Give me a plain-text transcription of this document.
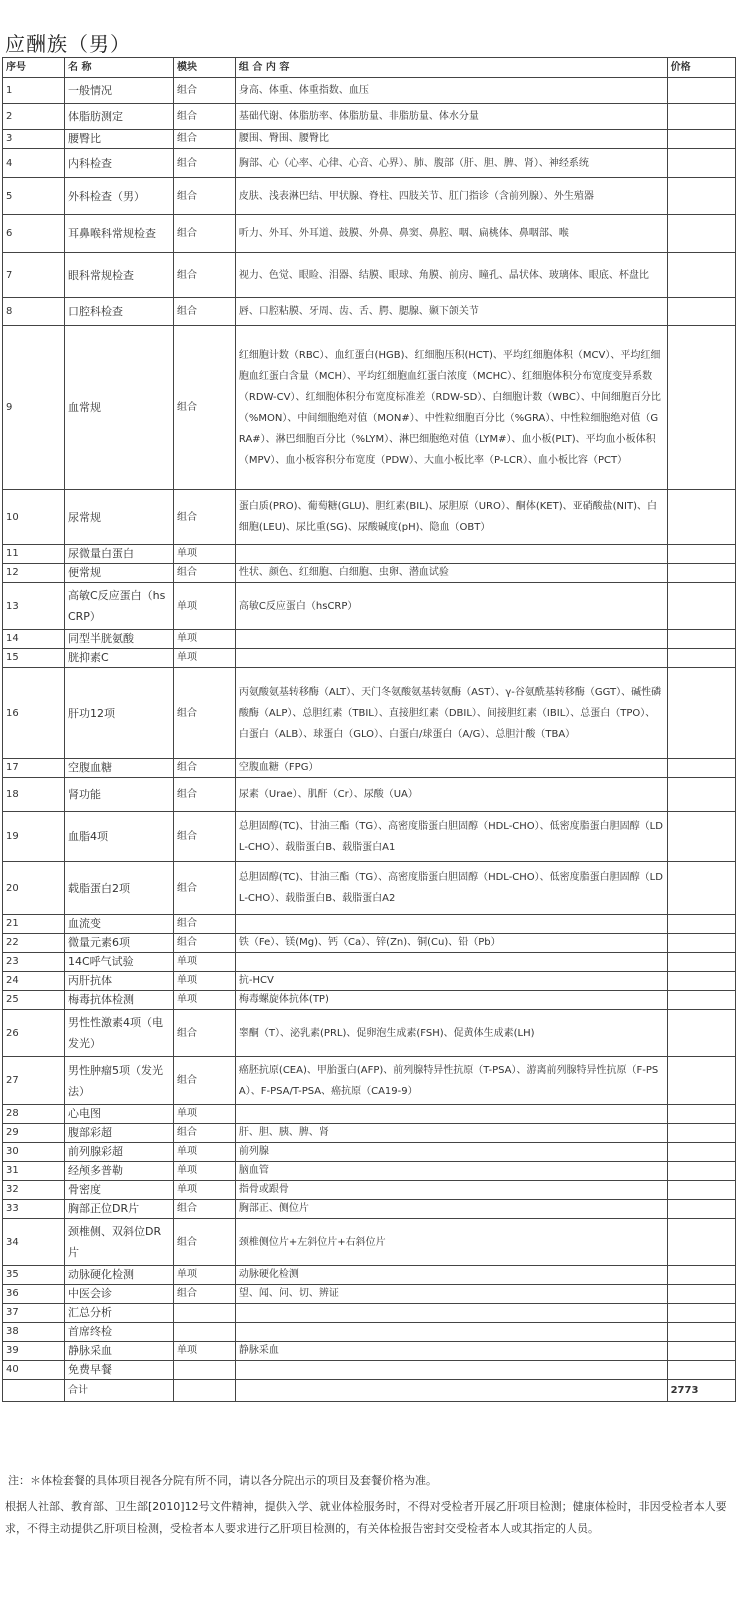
应酬族（男）
序号	名 称	模块	组 合 内 容	价格
1	一般情况	组合	身高、体重、体重指数、血压	
2	体脂肪测定	组合	基础代谢、体脂肪率、体脂肪量、非脂肪量、体水分量	
3	腰臀比	组合	腰围、臀围、腰臀比	
4	内科检查	组合	胸部、心（心率、心律、心音、心界）、肺、腹部（肝、胆、脾、肾）、神经系统	
5	外科检查（男）	组合	皮肤、浅表淋巴结、甲状腺、脊柱、四肢关节、肛门指诊（含前列腺）、外生殖器	
6	耳鼻喉科常规检查	组合	听力、外耳、外耳道、鼓膜、外鼻、鼻窦、鼻腔、咽、扁桃体、鼻咽部、喉	
7	眼科常规检查	组合	视力、色觉、眼睑、泪器、结膜、眼球、角膜、前房、瞳孔、晶状体、玻璃体、眼底、杯盘比	
8	口腔科检查	组合	唇、口腔粘膜、牙周、齿、舌、腭、腮腺、颞下颌关节	
9	血常规	组合	红细胞计数（RBC）、血红蛋白(HGB)、红细胞压积(HCT)、平均红细胞体积（MCV）、平均红细胞血红蛋白含量（MCH）、平均红细胞血红蛋白浓度（MCHC）、红细胞体积分布宽度变异系数（RDW-CV）、红细胞体积分布宽度标准差（RDW-SD）、白细胞计数（WBC）、中间细胞百分比（%MON）、中间细胞绝对值（MON#）、中性粒细胞百分比（%GRA）、中性粒细胞绝对值（GRA#）、淋巴细胞百分比（%LYM）、淋巴细胞绝对值（LYM#）、血小板(PLT)、平均血小板体积（MPV）、血小板容积分布宽度（PDW）、大血小板比率（P-LCR）、血小板比容（PCT）	
10	尿常规	组合	蛋白质(PRO)、葡萄糖(GLU)、胆红素(BIL)、尿胆原（URO）、酮体(KET)、亚硝酸盐(NIT)、白细胞(LEU)、尿比重(SG)、尿酸碱度(pH)、隐血（OBT）	
11	尿微量白蛋白	单项		
12	便常规	组合	性状、颜色、红细胞、白细胞、虫卵、潜血试验	
13	高敏C反应蛋白（hsCRP）	单项	高敏C反应蛋白（hsCRP）	
14	同型半胱氨酸	单项		
15	胱抑素C	单项		
16	肝功12项	组合	丙氨酸氨基转移酶（ALT）、天门冬氨酸氨基转氨酶（AST）、γ-谷氨酰基转移酶（GGT）、碱性磷酸酶（ALP）、总胆红素（TBIL）、直接胆红素（DBIL）、间接胆红素（IBIL）、总蛋白（TPO）、白蛋白（ALB）、球蛋白（GLO）、白蛋白/球蛋白（A/G）、总胆汁酸（TBA）	
17	空腹血糖	组合	空腹血糖（FPG）	
18	肾功能	组合	尿素（Urae）、肌酐（Cr）、尿酸（UA）	
19	血脂4项	组合	总胆固醇(TC)、甘油三酯（TG）、高密度脂蛋白胆固醇（HDL-CHO）、低密度脂蛋白胆固醇（LDL-CHO）、载脂蛋白B、载脂蛋白A1	
20	载脂蛋白2项	组合	总胆固醇(TC)、甘油三酯（TG）、高密度脂蛋白胆固醇（HDL-CHO）、低密度脂蛋白胆固醇（LDL-CHO）、载脂蛋白B、载脂蛋白A2	
21	血流变	组合		
22	微量元素6项	组合	铁（Fe）、镁(Mg)、钙（Ca）、锌(Zn)、铜(Cu)、铅（Pb）	
23	14C呼气试验	单项		
24	丙肝抗体	单项	抗-HCV	
25	梅毒抗体检测	单项	梅毒螺旋体抗体(TP)	
26	男性性激素4项（电发光）	组合	睾酮（T）、泌乳素(PRL)、促卵泡生成素(FSH)、促黄体生成素(LH)	
27	男性肿瘤5项（发光法）	组合	癌胚抗原(CEA)、甲胎蛋白(AFP)、前列腺特异性抗原（T-PSA）、游离前列腺特异性抗原（F-PSA）、F-PSA/T-PSA、癌抗原（CA19-9）	
28	心电图	单项		
29	腹部彩超	组合	肝、胆、胰、脾、肾	
30	前列腺彩超	单项	前列腺	
31	经颅多普勒	单项	脑血管	
32	骨密度	单项	指骨或跟骨	
33	胸部正位DR片	组合	胸部正、侧位片	
34	颈椎侧、双斜位DR片	组合	颈椎侧位片+左斜位片+右斜位片	
35	动脉硬化检测	单项	动脉硬化检测	
36	中医会诊	组合	望、闻、问、切、辨证	
37	汇总分析			
38	首席终检			
39	静脉采血	单项	静脉采血	
40	免费早餐			
	合计			2773

注：＊体检套餐的具体项目视各分院有所不同，请以各分院出示的项目及套餐价格为准。

根据人社部、教育部、卫生部[2010]12号文件精神，提供入学、就业体检服务时，不得对受检者开展乙肝项目检测；健康体检时，非因受检者本人要求，不得主动提供乙肝项目检测，受检者本人要求进行乙肝项目检测的，有关体检报告密封交受检者本人或其指定的人员。
